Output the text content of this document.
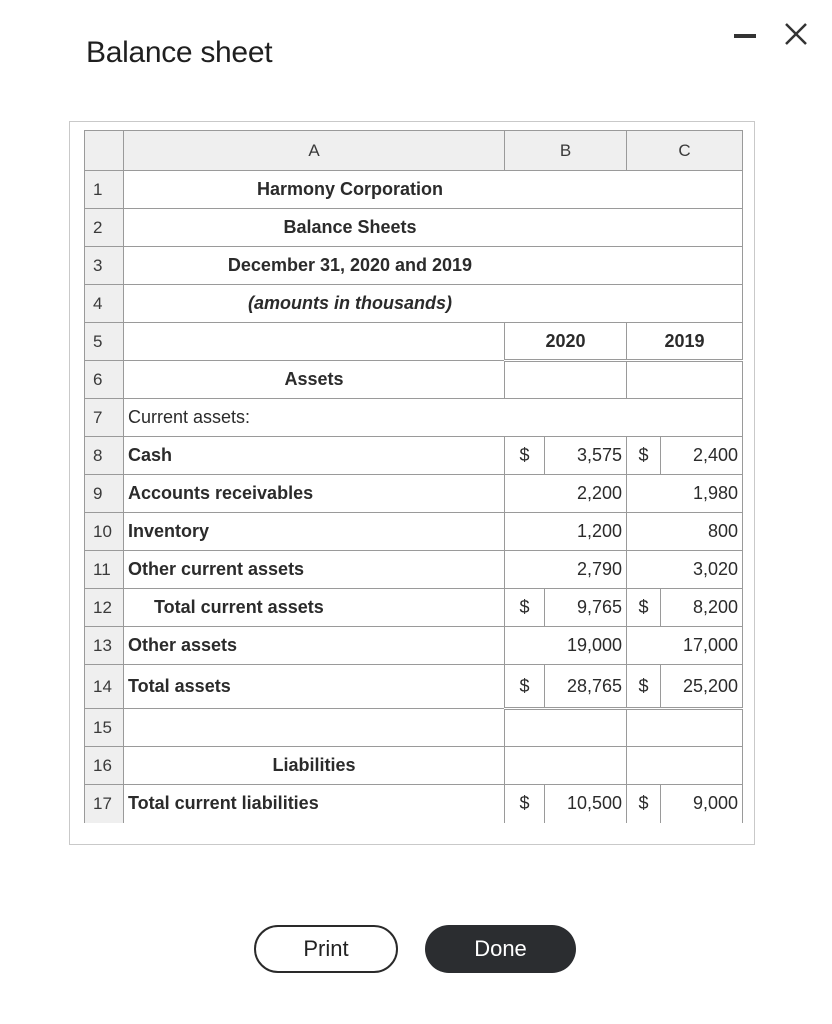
Balance sheet
	A	B		C	
1	Harmony Corporation				
2	Balance Sheets				
3	December 31, 2020 and 2019				
4	(amounts in thousands)				
5		2020		2019	
6	Assets				
7	Current assets:				
8	Cash	$	3,575	$	2,400
9	Accounts receivables	2,200		1,980	
10	Inventory	1,200		800	
11	Other current assets	2,790		3,020	
12	Total current assets	$	9,765	$	8,200
13	Other assets	19,000		17,000	
14	Total assets	$	28,765	$	25,200
15					
16	Liabilities				
17	Total current liabilities	$	10,500	$	9,000
Print	Done
